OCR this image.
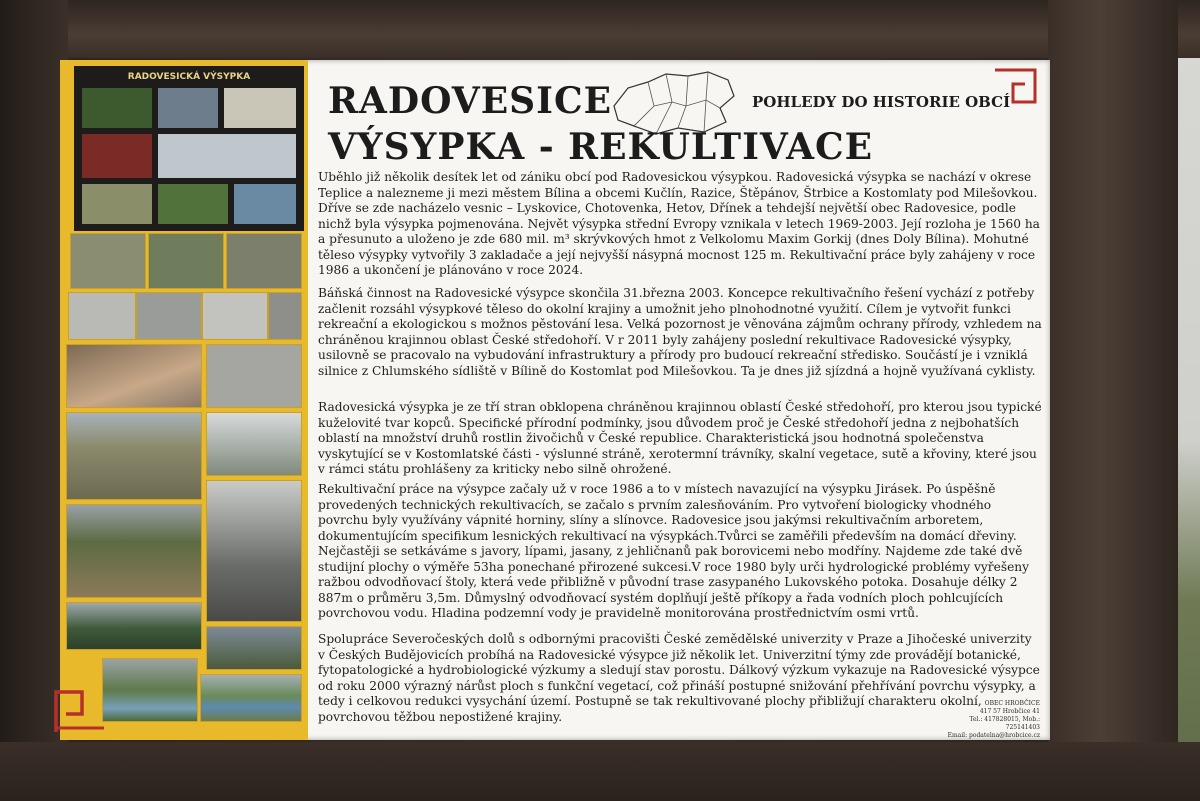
RADOVESICKÁ VÝSYPKA
RADOVESICE
VÝSYPKA - REKULTIVACE
POHLEDY DO HISTORIE OBCÍ

Uběhlo již několik desítek let od zániku obcí pod Radovesickou výsypkou. Radovesická výsypka se nachází v okrese Teplice a nalezneme ji mezi městem Bílina a obcemi Kučlín, Razice, Štěpánov, Štrbice a Kostomlaty pod Milešovkou. Dříve se zde nacházelo vesnic – Lyskovice, Chotovenka, Hetov, Dřínek a tehdejší největší obec Radovesice, podle nichž byla výsypka pojmenována. Největ výsypka střední Evropy vznikala v letech 1969-2003. Její rozloha je 1560 ha a přesunuto a uloženo je zde 680 mil. m³ skrývkových hmot z Velkolomu Maxim Gorkij (dnes Doly Bílina). Mohutné těleso výsypky vytvořily 3 zakladače a její nejvyšší násypná mocnost 125 m. Rekultivační práce byly zahájeny v roce 1986 a ukončení je plánováno v roce 2024.

Báňská činnost na Radovesické výsypce skončila 31.března 2003. Koncepce rekultivačního řešení vychází z potřeby začlenit rozsáhl výsypkové těleso do okolní krajiny a umožnit jeho plnohodnotné využití. Cílem je vytvořit funkci rekreační a ekologickou s možnos pěstování lesa. Velká pozornost je věnována zájmům ochrany přírody, vzhledem na chráněnou krajinnou oblast České středohoří. V r 2011 byly zahájeny poslední rekultivace Radovesické výsypky, usilovně se pracovalo na vybudování infrastruktury a přírody pro budoucí rekreační středisko. Součástí je i vzniklá silnice z Chlumského sídliště v Bílině do Kostomlat pod Milešovkou. Ta je dnes již sjízdná a hojně využívaná cyklisty.

Radovesická výsypka je ze tří stran obklopena chráněnou krajinnou oblastí České středohoří, pro kterou jsou typické kuželovité tvar kopců. Specifické přírodní podmínky, jsou důvodem proč je České středohoří jedna z nejbohatších oblastí na množství druhů rostlin živočichů v České republice. Charakteristická jsou hodnotná společenstva vyskytující se v Kostomlatské části - výslunné stráně, xerotermní trávníky, skalní vegetace, sutě a křoviny, které jsou v rámci státu prohlášeny za kriticky nebo silně ohrožené.

Rekultivační práce na výsypce začaly už v roce 1986 a to v místech navazující na výsypku Jirásek. Po úspěšně provedených technických rekultivacích, se začalo s prvním zalesňováním. Pro vytvoření biologicky vhodného povrchu byly využívány vápnité horniny, slíny a slínovce. Radovesice jsou jakýmsi rekultivačním arboretem, dokumentujícím specifikum lesnických rekultivací na výsypkách.Tvůrci se zaměřili především na domácí dřeviny. Nejčastěji se setkáváme s javory, lípami, jasany, z jehličnanů pak borovicemi nebo modříny. Najdeme zde také dvě studijní plochy o výměře 53ha ponechané přirozené sukcesi.V roce 1980 byly urči hydrologické problémy vyřešeny ražbou odvodňovací štoly, která vede přibližně v původní trase zasypaného Lukovského potoka. Dosahuje délky 2 887m o průměru 3,5m. Důmyslný odvodňovací systém doplňují ještě příkopy a řada vodních ploch pohlcujících povrchovou vodu. Hladina podzemní vody je pravidelně monitorována prostřednictvím osmi vrtů.

Spolupráce Severočeských dolů s odbornými pracovišti České zemědělské univerzity v Praze a Jihočeské univerzity v Českých Budějovicích probíhá na Radovesické výsypce již několik let. Univerzitní týmy zde provádějí botanické, fytopatologické a hydrobiologické výzkumy a sledují stav porostu. Dálkový výzkum vykazuje na Radovesické výsypce od roku 2000 výrazný nárůst ploch s funkční vegetací, což přináší postupné snižování přehřívání povrchu výsypky, a tedy i celkovou redukci vysychání území. Postupně se tak rekultivované plochy přibližují charakteru okolní, povrchovou těžbou nepostižené krajiny.

OBEC HROBČICE
417 57 Hrobčice 41
Tel.: 417828015, Mob.: 725141403
Email: podatelna@hrobcice.cz
